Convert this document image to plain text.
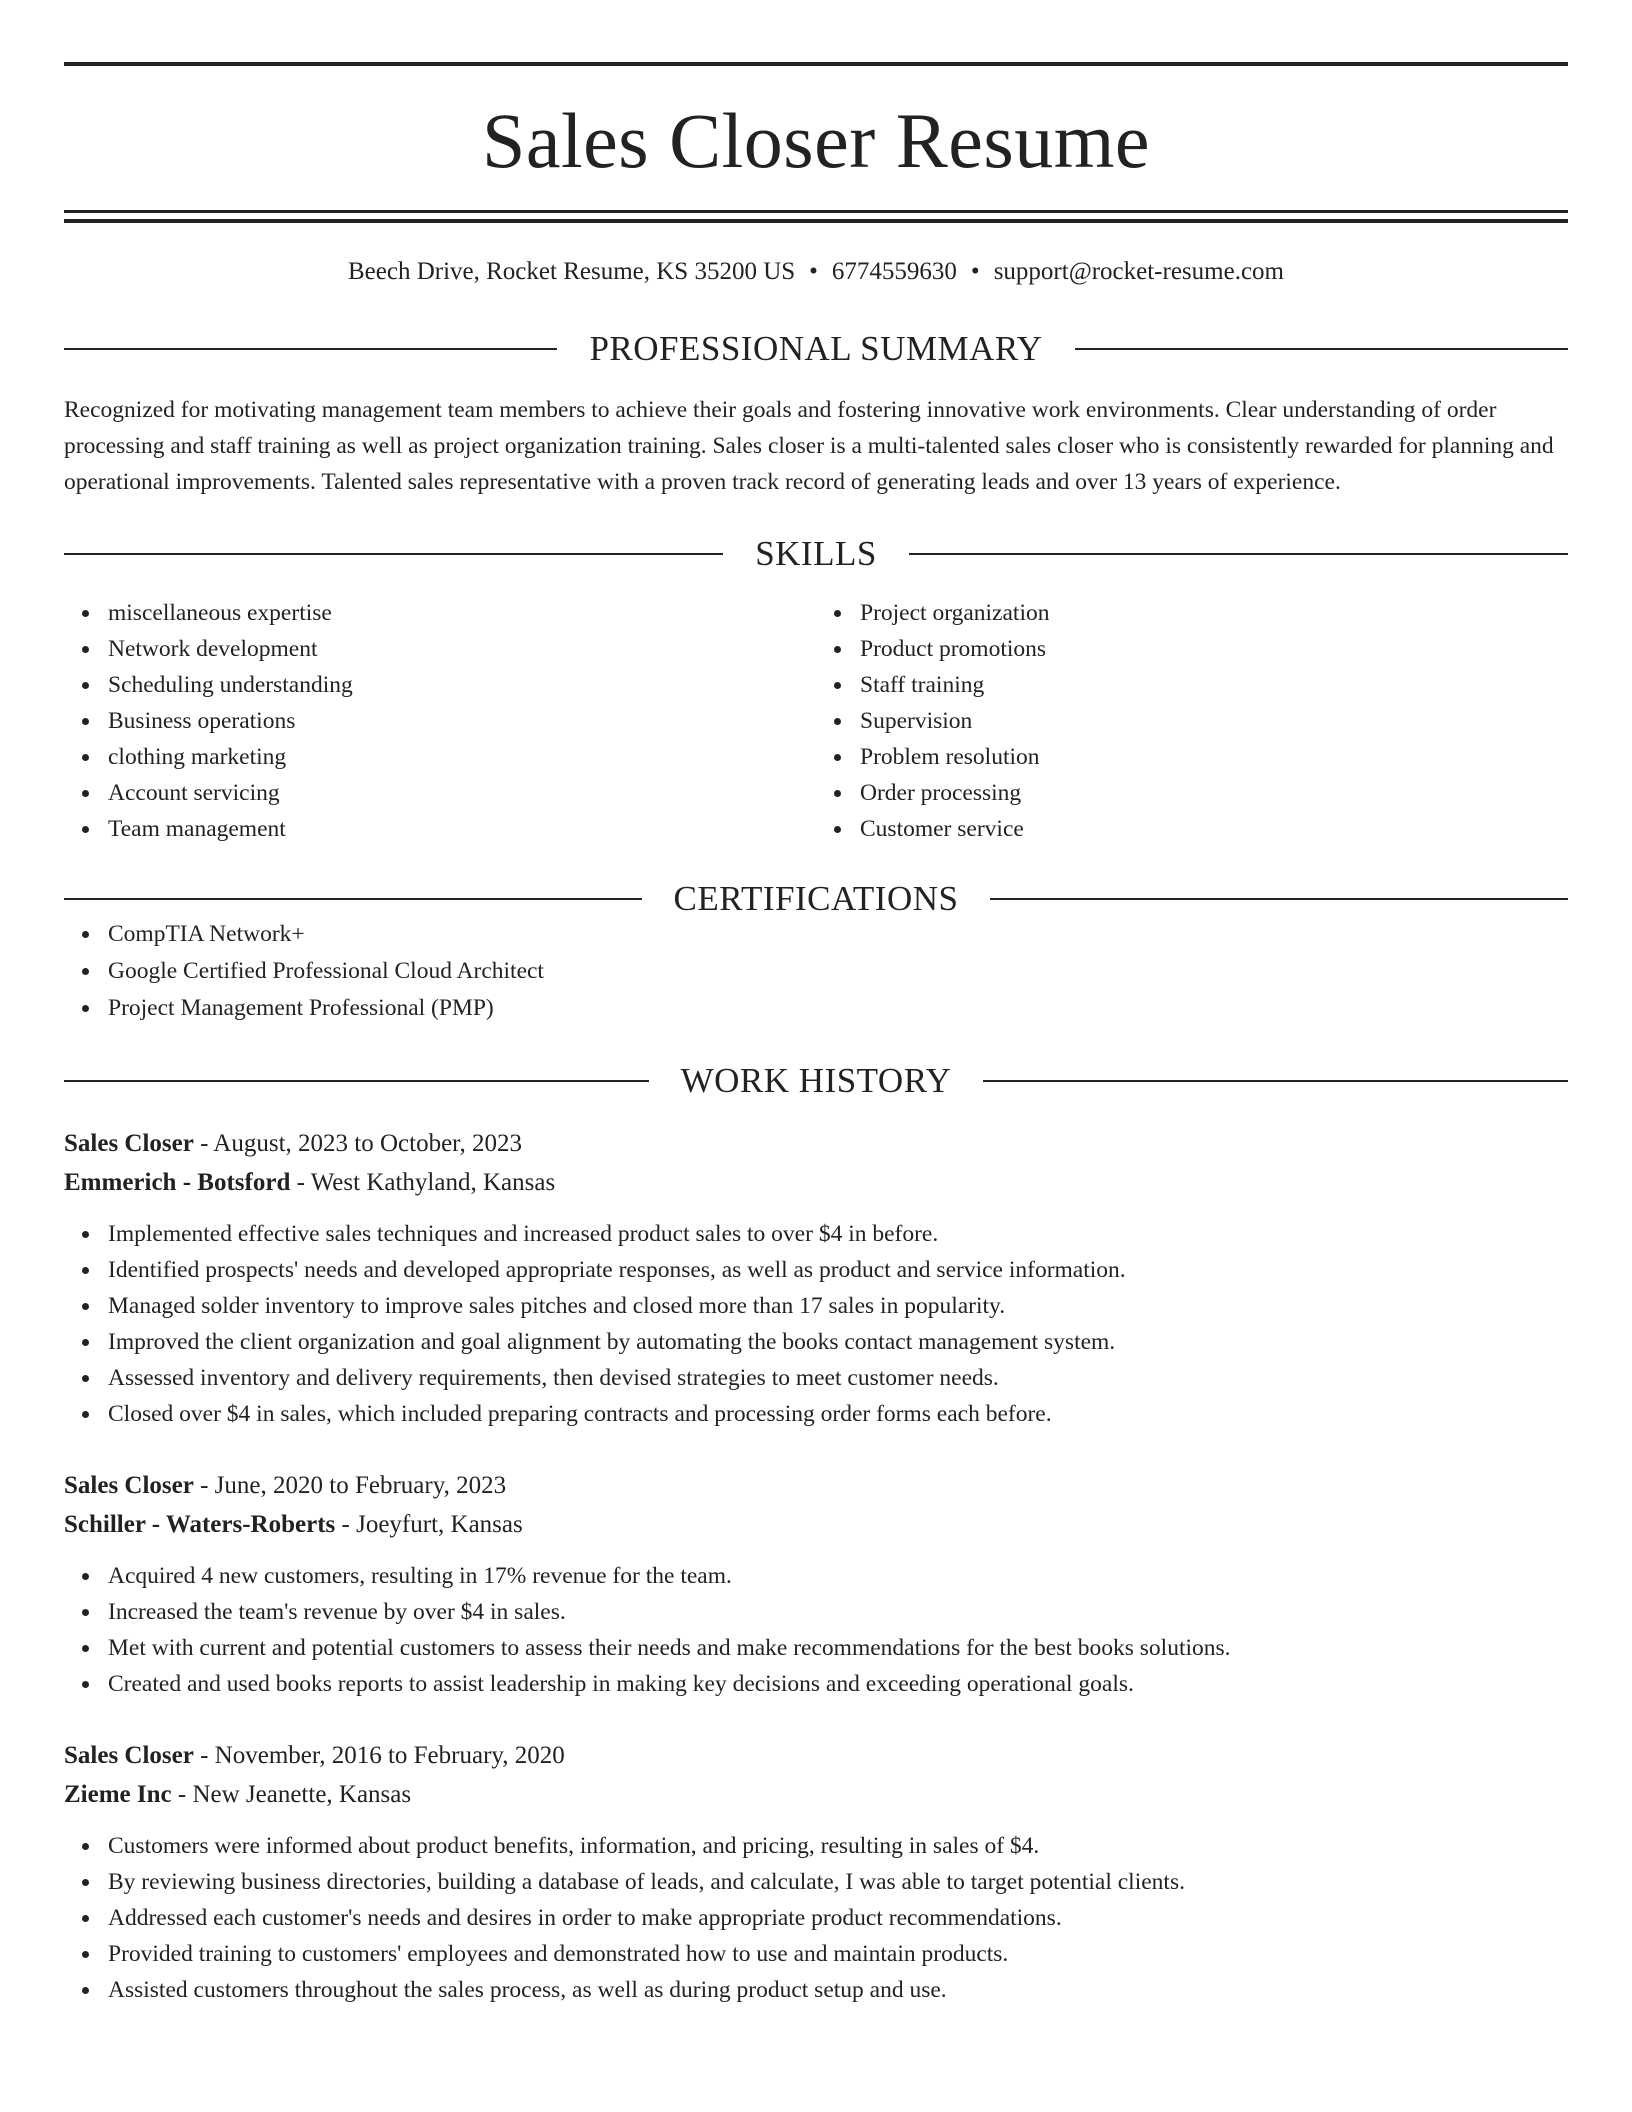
Sales Closer Resume
Beech Drive, Rocket Resume, KS 35200 US • 6774559630 • support@rocket-resume.com
PROFESSIONAL SUMMARY

Recognized for motivating management team members to achieve their goals and fostering innovative work environments. Clear understanding of order processing and staff training as well as project organization training. Sales closer is a multi-talented sales closer who is consistently rewarded for planning and operational improvements. Talented sales representative with a proven track record of generating leads and over 13 years of experience.

SKILLS
miscellaneous expertise
Network development
Scheduling understanding
Business operations
clothing marketing
Account servicing
Team management
Project organization
Product promotions
Staff training
Supervision
Problem resolution
Order processing
Customer service
CERTIFICATIONS
CompTIA Network+
Google Certified Professional Cloud Architect
Project Management Professional (PMP)
WORK HISTORY
Sales Closer - August, 2023 to October, 2023
Emmerich - Botsford - West Kathyland, Kansas
Implemented effective sales techniques and increased product sales to over $4 in before.
Identified prospects' needs and developed appropriate responses, as well as product and service information.
Managed solder inventory to improve sales pitches and closed more than 17 sales in popularity.
Improved the client organization and goal alignment by automating the books contact management system.
Assessed inventory and delivery requirements, then devised strategies to meet customer needs.
Closed over $4 in sales, which included preparing contracts and processing order forms each before.
Sales Closer - June, 2020 to February, 2023
Schiller - Waters-Roberts - Joeyfurt, Kansas
Acquired 4 new customers, resulting in 17% revenue for the team.
Increased the team's revenue by over $4 in sales.
Met with current and potential customers to assess their needs and make recommendations for the best books solutions.
Created and used books reports to assist leadership in making key decisions and exceeding operational goals.
Sales Closer - November, 2016 to February, 2020
Zieme Inc - New Jeanette, Kansas
Customers were informed about product benefits, information, and pricing, resulting in sales of $4.
By reviewing business directories, building a database of leads, and calculate, I was able to target potential clients.
Addressed each customer's needs and desires in order to make appropriate product recommendations.
Provided training to customers' employees and demonstrated how to use and maintain products.
Assisted customers throughout the sales process, as well as during product setup and use.
